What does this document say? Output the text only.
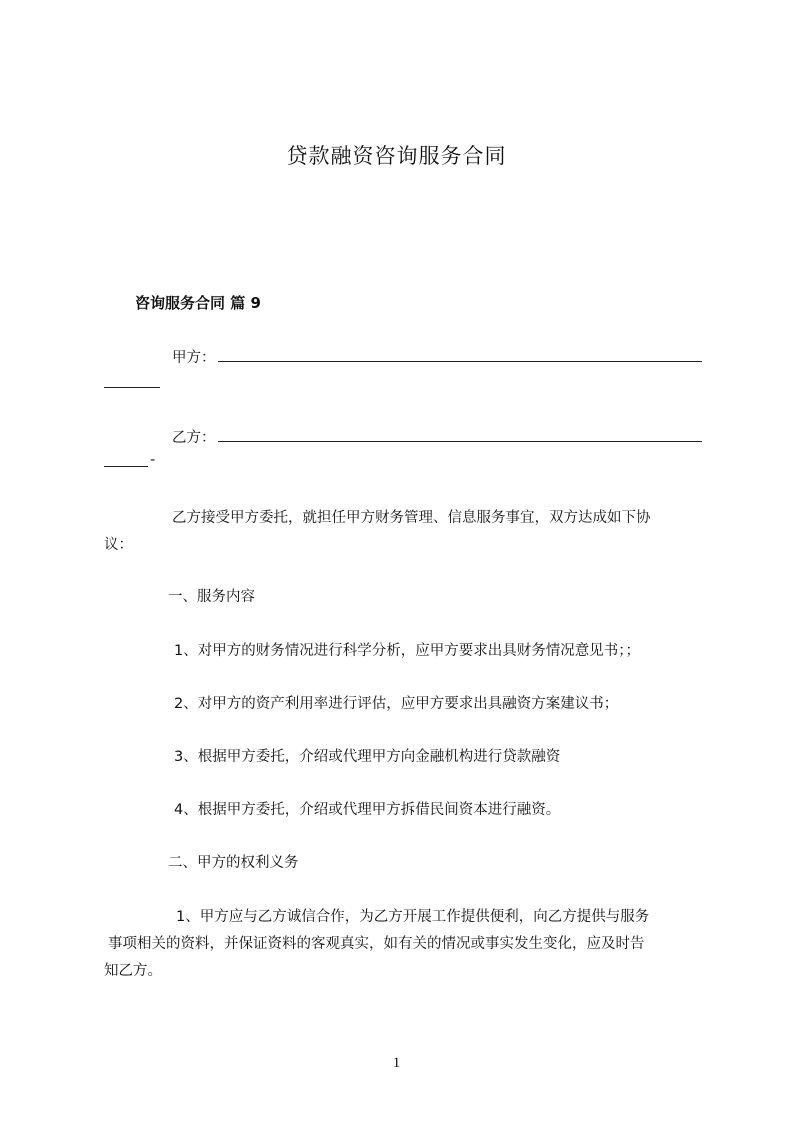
贷款融资咨询服务合同
咨询服务合同 篇 9
甲方：
乙方：
-
乙方接受甲方委托，就担任甲方财务管理、信息服务事宜，双方达成如下协
议：
一、服务内容
1、对甲方的财务情况进行科学分析，应甲方要求出具财务情况意见书；；
2、对甲方的资产利用率进行评估，应甲方要求出具融资方案建议书；
3、根据甲方委托，介绍或代理甲方向金融机构进行贷款融资
4、根据甲方委托，介绍或代理甲方拆借民间资本进行融资。
二、甲方的权利义务
1、甲方应与乙方诚信合作，为乙方开展工作提供便利，向乙方提供与服务
事项相关的资料，并保证资料的客观真实，如有关的情况或事实发生变化，应及时告
知乙方。
1
